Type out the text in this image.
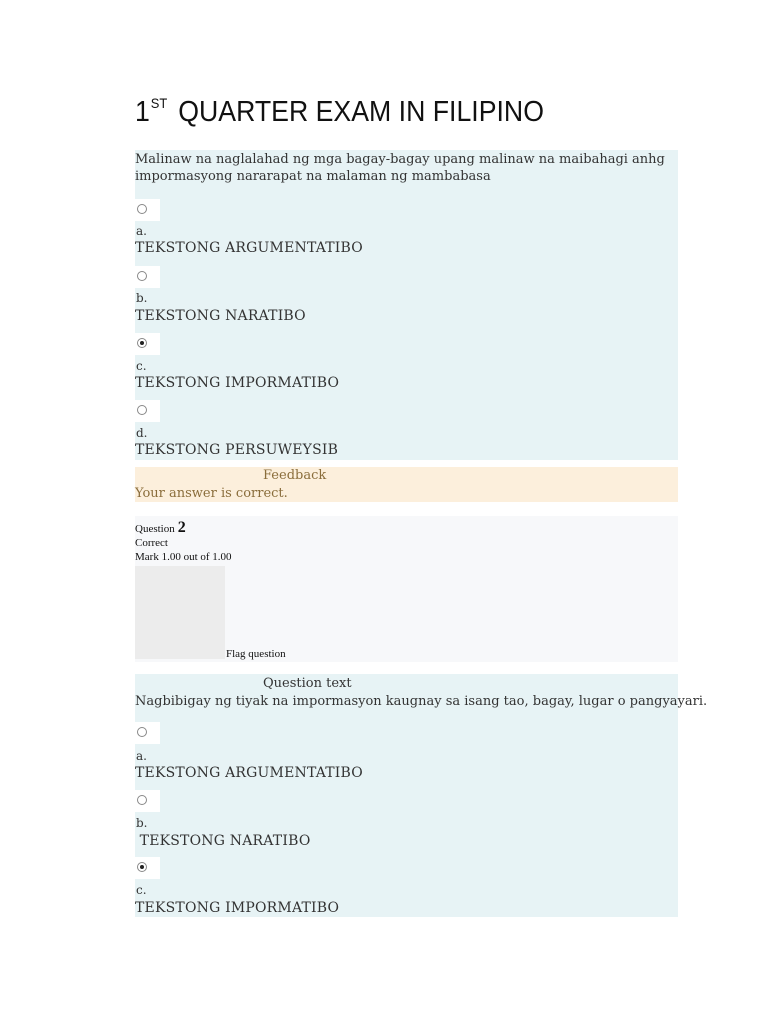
1ST QUARTER EXAM IN FILIPINO
Malinaw na naglalahad ng mga bagay-bagay upang malinaw na maibahagi anhg impormasyong nararapat na malaman ng mambabasa
a.
TEKSTONG ARGUMENTATIBO
b.
TEKSTONG NARATIBO
c.
TEKSTONG IMPORMATIBO
d.
TEKSTONG PERSUWEYSIB
Feedback
Your answer is correct.
Question 2
Correct
Mark 1.00 out of 1.00
Flag question
Question text
Nagbibigay ng tiyak na impormasyon kaugnay sa isang tao, bagay, lugar o pangyayari.
a.
TEKSTONG ARGUMENTATIBO
b.
TEKSTONG NARATIBO
c.
TEKSTONG IMPORMATIBO
